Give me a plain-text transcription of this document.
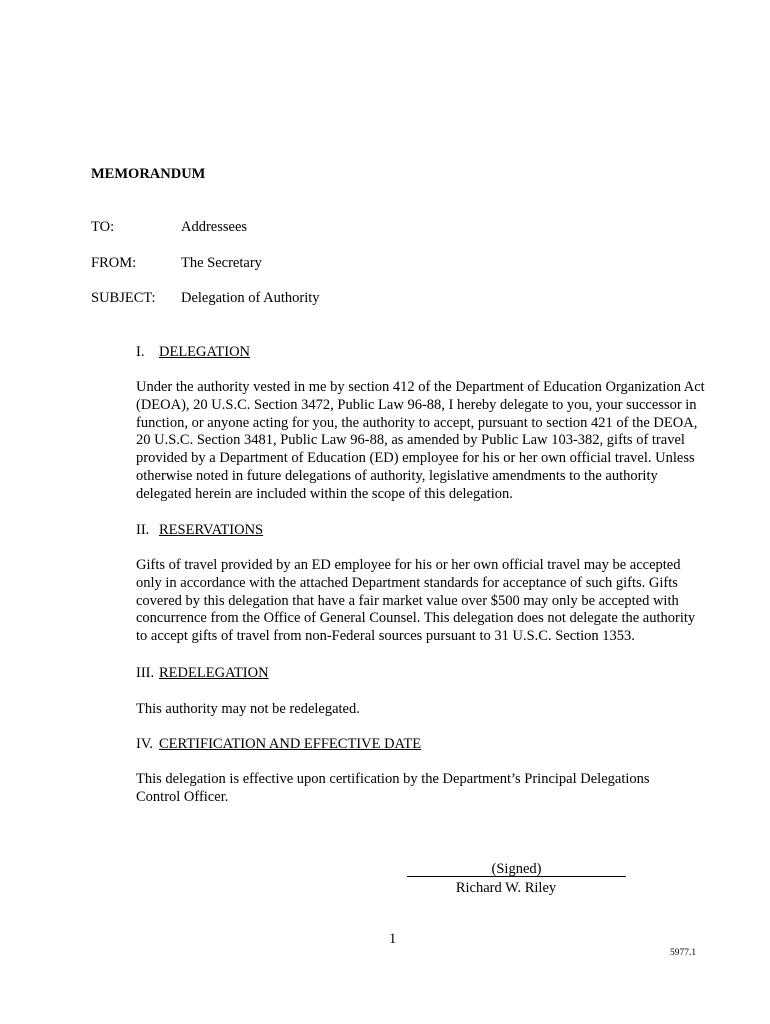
MEMORANDUM
TO:	Addressees
FROM:	The Secretary
SUBJECT: Delegation of Authority
I. DELEGATION
Under the authority vested in me by section 412 of the Department of Education Organization Act
(DEOA), 20 U.S.C. Section 3472, Public Law 96-88, I hereby delegate to you, your successor in
function, or anyone acting for you, the authority to accept, pursuant to section 421 of the DEOA,
20 U.S.C. Section 3481, Public Law 96-88, as amended by Public Law 103-382, gifts of travel
provided by a Department of Education (ED) employee for his or her own official travel. Unless
otherwise noted in future delegations of authority, legislative amendments to the authority
delegated herein are included within the scope of this delegation.
II. RESERVATIONS
Gifts of travel provided by an ED employee for his or her own official travel may be accepted
only in accordance with the attached Department standards for acceptance of such gifts. Gifts
covered by this delegation that have a fair market value over $500 may only be accepted with
concurrence from the Office of General Counsel. This delegation does not delegate the authority
to accept gifts of travel from non-Federal sources pursuant to 31 U.S.C. Section 1353.
III. REDELEGATION
This authority may not be redelegated.
IV. CERTIFICATION AND EFFECTIVE DATE
This delegation is effective upon certification by the Department’s Principal Delegations
Control Officer.
(Signed)
Richard W. Riley
1
5977.1
